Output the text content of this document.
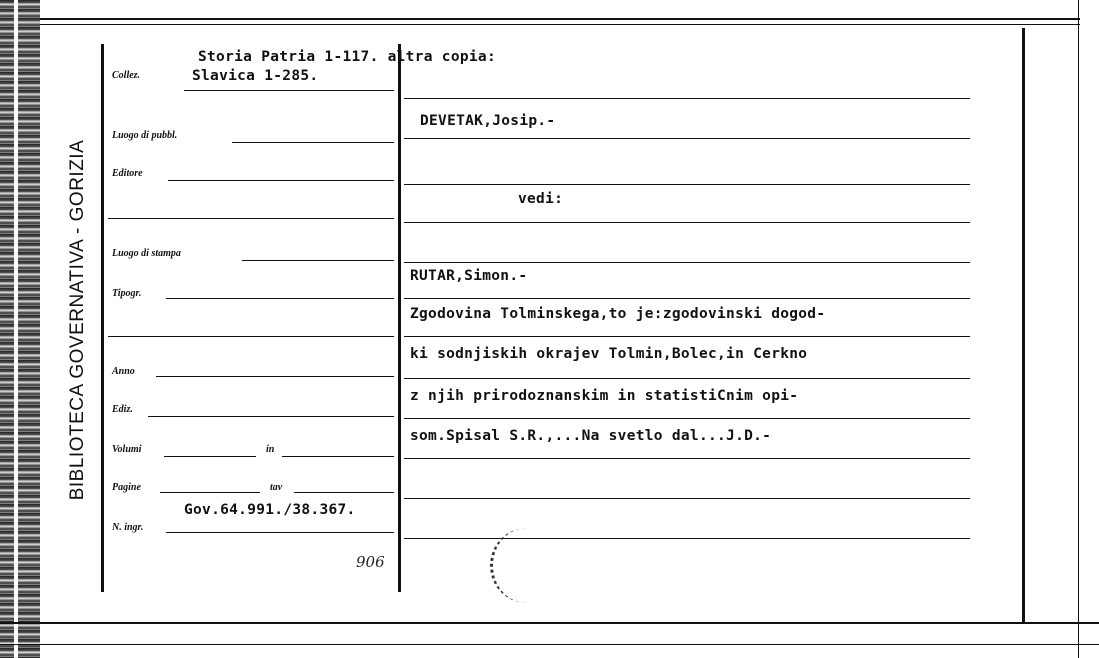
BIBLIOTECA GOVERNATIVA - GORIZIA
Collez.
Luogo di pubbl.
Editore
Luogo di stampa
Tipogr.
Anno
Ediz.
Volumi	in
Pagine	tav
N. ingr.
Storia Patria 1-117. altra copia:
Slavica 1-285.
DEVETAK,Josip.-
vedi:
RUTAR,Simon.-
Zgodovina Tolminskega,to je:zgodovinski dogod-
ki sodnjiskih okrajev Tolmin,Bolec,in Cerkno
z njih prirodoznanskim in statistiCnim opi-
som.Spisal S.R.,...Na svetlo dal...J.D.-
Gov.64.991./38.367.
906
